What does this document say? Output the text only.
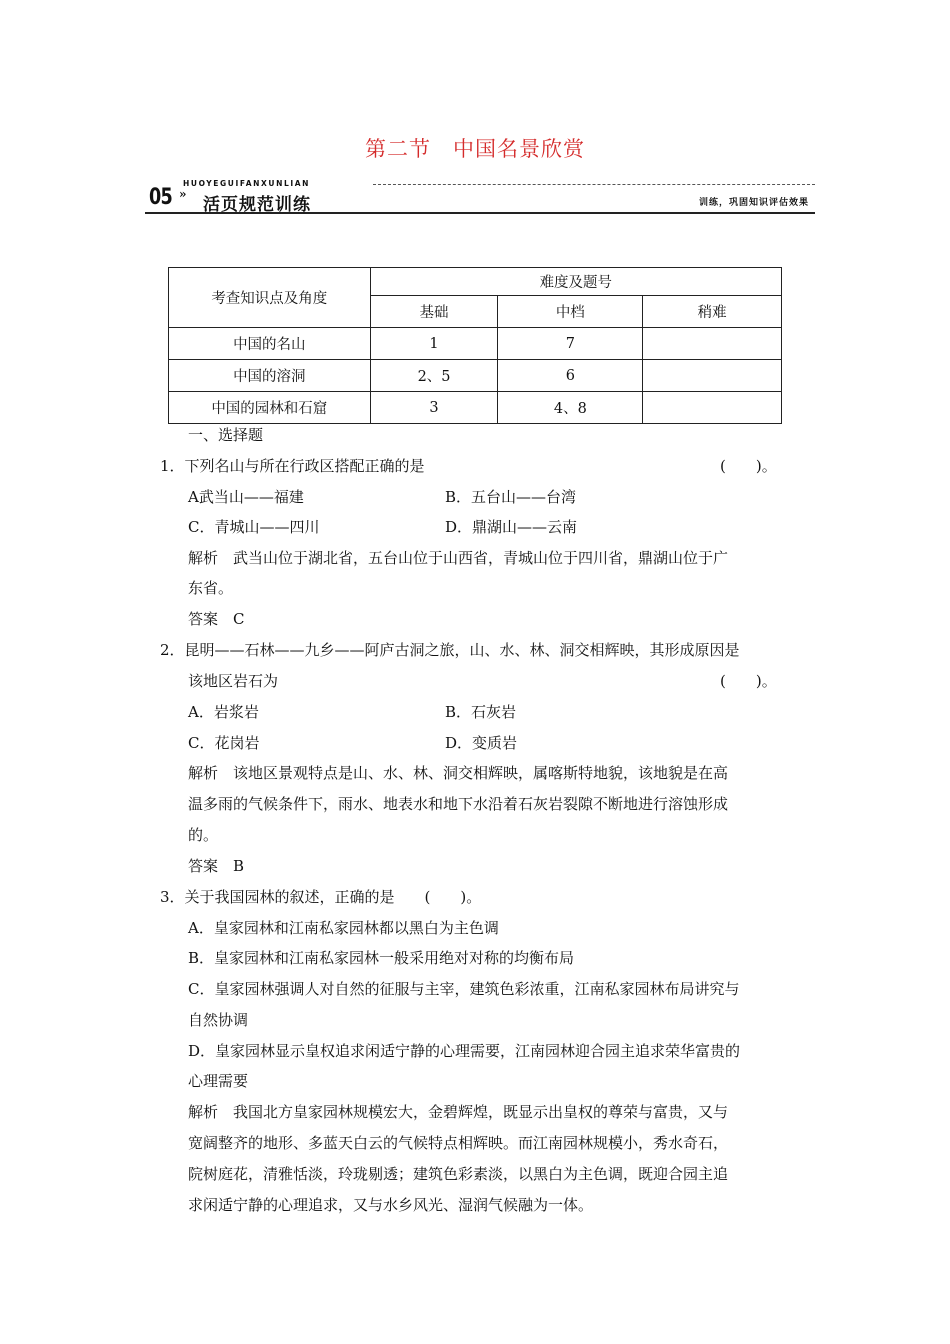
第二节　中国名景欣赏
05 »
HUOYEGUIFANXUNLIAN
活页规范训练	训练，巩固知识评估效果
考查知识点及角度	难度及题号		
	基础	中档	稍难
中国的名山	1	7	
中国的溶洞	2、5	6	
中国的园林和石窟	3	4、8	
一、选择题
1．下列名山与所在行政区搭配正确的是	(　　)。
A武当山——福建	B．五台山——台湾
C．青城山——四川	D．鼎湖山——云南
解析　武当山位于湖北省，五台山位于山西省，青城山位于四川省，鼎湖山位于广
东省。
答案　C
2．昆明——石林——九乡——阿庐古洞之旅，山、水、林、洞交相辉映，其形成原因是
该地区岩石为	(　　)。
A．岩浆岩	B．石灰岩
C．花岗岩	D．变质岩
解析　该地区景观特点是山、水、林、洞交相辉映，属喀斯特地貌，该地貌是在高
温多雨的气候条件下，雨水、地表水和地下水沿着石灰岩裂隙不断地进行溶蚀形成
的。
答案　B
3．关于我国园林的叙述，正确的是　　(　　)。
A．皇家园林和江南私家园林都以黑白为主色调
B．皇家园林和江南私家园林一般采用绝对对称的均衡布局
C．皇家园林强调人对自然的征服与主宰，建筑色彩浓重，江南私家园林布局讲究与
自然协调
D．皇家园林显示皇权追求闲适宁静的心理需要，江南园林迎合园主追求荣华富贵的
心理需要
解析　我国北方皇家园林规模宏大，金碧辉煌，既显示出皇权的尊荣与富贵，又与
宽阔整齐的地形、多蓝天白云的气候特点相辉映。而江南园林规模小，秀水奇石，
院树庭花，清雅恬淡，玲珑剔透；建筑色彩素淡，以黑白为主色调，既迎合园主追
求闲适宁静的心理追求，又与水乡风光、湿润气候融为一体。
